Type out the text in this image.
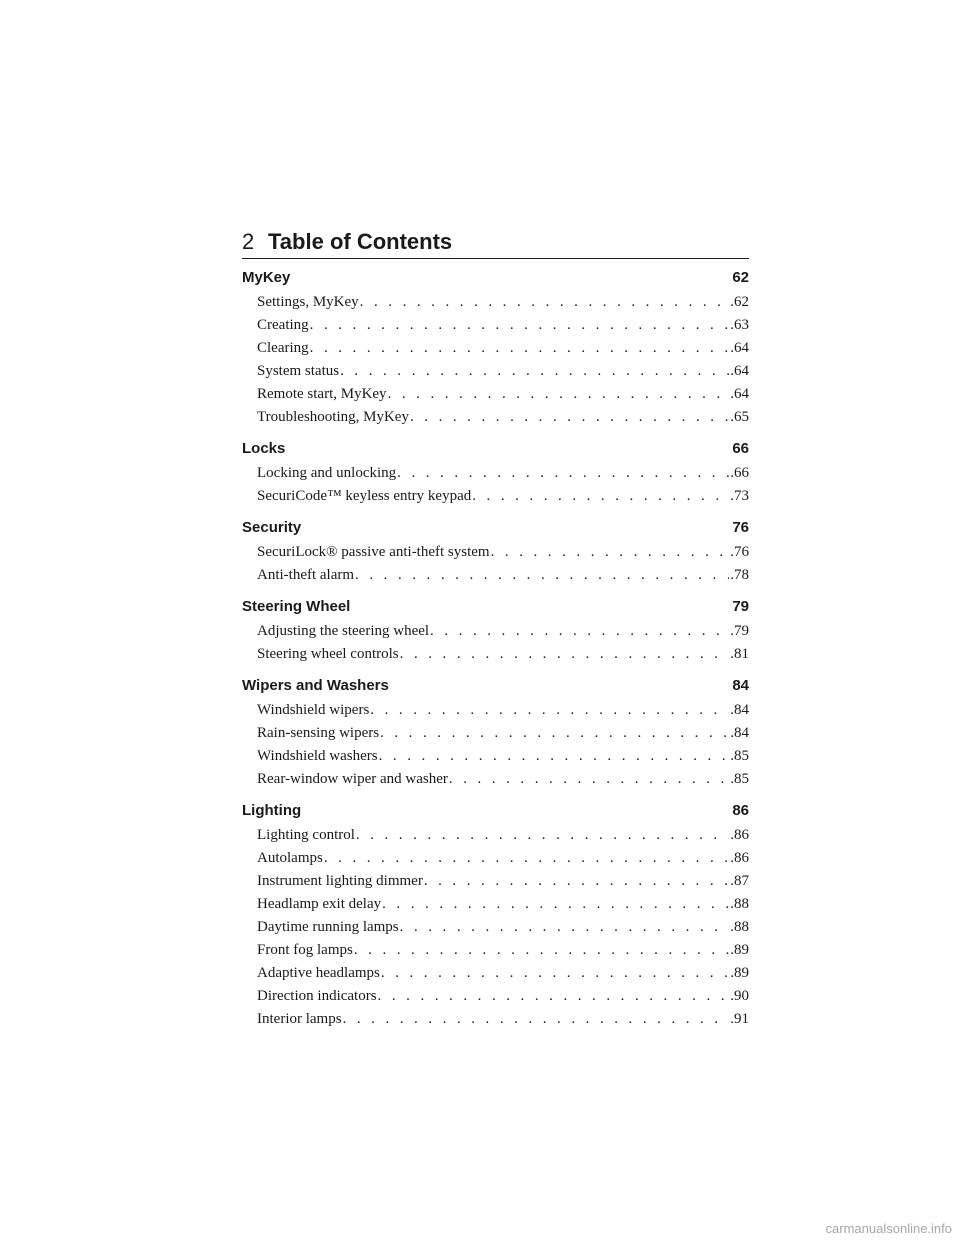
2 Table of Contents
MyKey	62
Settings, MyKey . . .	.62
Creating . . .	.63
Clearing . . .	.64
System status . . .	.64
Remote start, MyKey . . .	.64
Troubleshooting, MyKey . . .	.65
Locks	66
Locking and unlocking . . .	.66
SecuriCode™ keyless entry keypad . . .	.73
Security	76
SecuriLock® passive anti-theft system . . .	.76
Anti-theft alarm . . .	.78
Steering Wheel	79
Adjusting the steering wheel . . .	.79
Steering wheel controls . . .	.81
Wipers and Washers	84
Windshield wipers . . .	.84
Rain-sensing wipers . . .	.84
Windshield washers . . .	.85
Rear-window wiper and washer . . .	.85
Lighting	86
Lighting control . . .	.86
Autolamps . . .	.86
Instrument lighting dimmer . . .	.87
Headlamp exit delay . . .	.88
Daytime running lamps . . .	.88
Front fog lamps . . .	.89
Adaptive headlamps . . .	.89
Direction indicators . . .	.90
Interior lamps . . .	.91
carmanualsonline.info
